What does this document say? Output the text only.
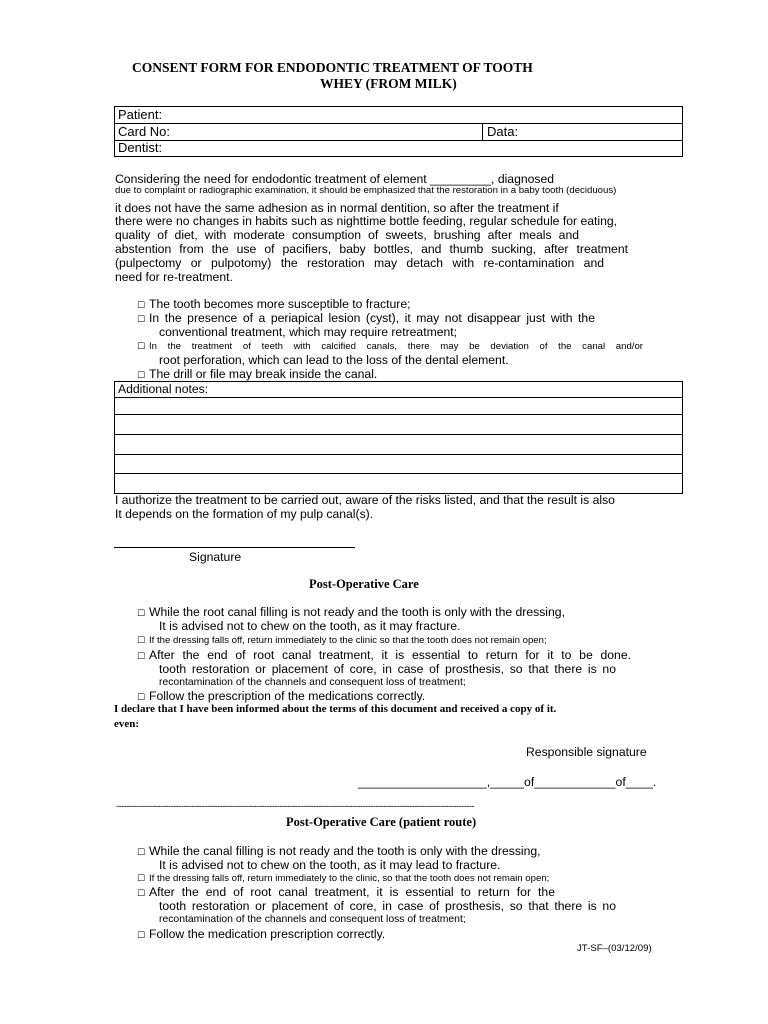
CONSENT FORM FOR ENDODONTIC TREATMENT OF TOOTH
WHEY (FROM MILK)
Patient:
Card No:	Data:
Dentist:
Considering the need for endodontic treatment of element _________, diagnosed
due to complaint or radiographic examination, it should be emphasized that the restoration in a baby tooth (deciduous)
it does not have the same adhesion as in normal dentition, so after the treatment if
there were no changes in habits such as nighttime bottle feeding, regular schedule for eating,
quality of diet, with moderate consumption of sweets, brushing after meals and
abstention from the use of pacifiers, baby bottles, and thumb sucking, after treatment
(pulpectomy or pulpotomy) the restoration may detach with re-contamination and
need for re-treatment.
☐ The tooth becomes more susceptible to fracture;
☐ In the presence of a periapical lesion (cyst), it may not disappear just with the
conventional treatment, which may require retreatment;
☐ In the treatment of teeth with calcified canals, there may be deviation of the canal and/or
root perforation, which can lead to the loss of the dental element.
☐ The drill or file may break inside the canal.
Additional notes:
I authorize the treatment to be carried out, aware of the risks listed, and that the result is also
It depends on the formation of my pulp canal(s).
Signature
Post-Operative Care
☐ While the root canal filling is not ready and the tooth is only with the dressing,
It is advised not to chew on the tooth, as it may fracture.
☐ If the dressing falls off, return immediately to the clinic so that the tooth does not remain open;
☐ After the end of root canal treatment, it is essential to return for it to be done.
tooth restoration or placement of core, in case of prosthesis, so that there is no
recontamination of the channels and consequent loss of treatment;
☐ Follow the prescription of the medications correctly.
I declare that I have been informed about the terms of this document and received a copy of it.
even:
Responsible signature
___________________,_____of____________of____.
------------------------------------------------------------------------------------------------------------------------------------------
Post-Operative Care (patient route)
☐ While the canal filling is not ready and the tooth is only with the dressing,
It is advised not to chew on the tooth, as it may lead to fracture.
☐ If the dressing falls off, return immediately to the clinic, so that the tooth does not remain open;
☐ After the end of root canal treatment, it is essential to return for the
tooth restoration or placement of core, in case of prosthesis, so that there is no
recontamination of the channels and consequent loss of treatment;
☐ Follow the medication prescription correctly.
JT-SF–(03/12/09)
